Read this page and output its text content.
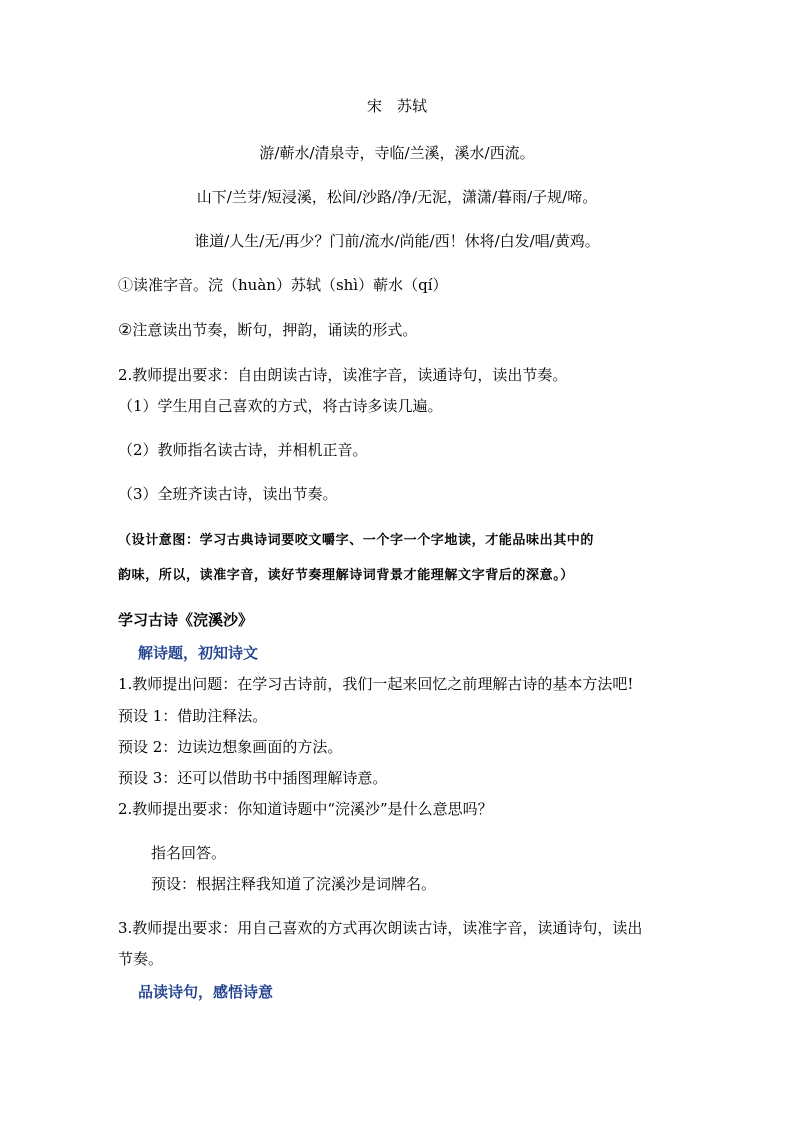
宋　苏轼
游/蕲水/清泉寺，寺临/兰溪，溪水/西流。
山下/兰芽/短浸溪，松间/沙路/净/无泥，潇潇/暮雨/子规/啼。
谁道/人生/无/再少？门前/流水/尚能/西！休将/白发/唱/黄鸡。
①读准字音。浣（huàn）苏轼（shì）蕲水（qí）
②注意读出节奏，断句，押韵，诵读的形式。
2.教师提出要求：自由朗读古诗，读准字音，读通诗句，读出节奏。
（1）学生用自己喜欢的方式，将古诗多读几遍。
（2）教师指名读古诗，并相机正音。
（3）全班齐读古诗，读出节奏。
（设计意图：学习古典诗词要咬文嚼字、一个字一个字地读，才能品味出其中的
韵味，所以，读准字音，读好节奏理解诗词背景才能理解文字背后的深意。）
学习古诗《浣溪沙》
解诗题，初知诗文
1.教师提出问题：在学习古诗前，我们一起来回忆之前理解古诗的基本方法吧!
预设 1：借助注释法。
预设 2：边读边想象画面的方法。
预设 3：还可以借助书中插图理解诗意。
2.教师提出要求：你知道诗题中“浣溪沙”是什么意思吗？
指名回答。
预设：根据注释我知道了浣溪沙是词牌名。
3.教师提出要求：用自己喜欢的方式再次朗读古诗，读准字音，读通诗句，读出
节奏。
品读诗句，感悟诗意
